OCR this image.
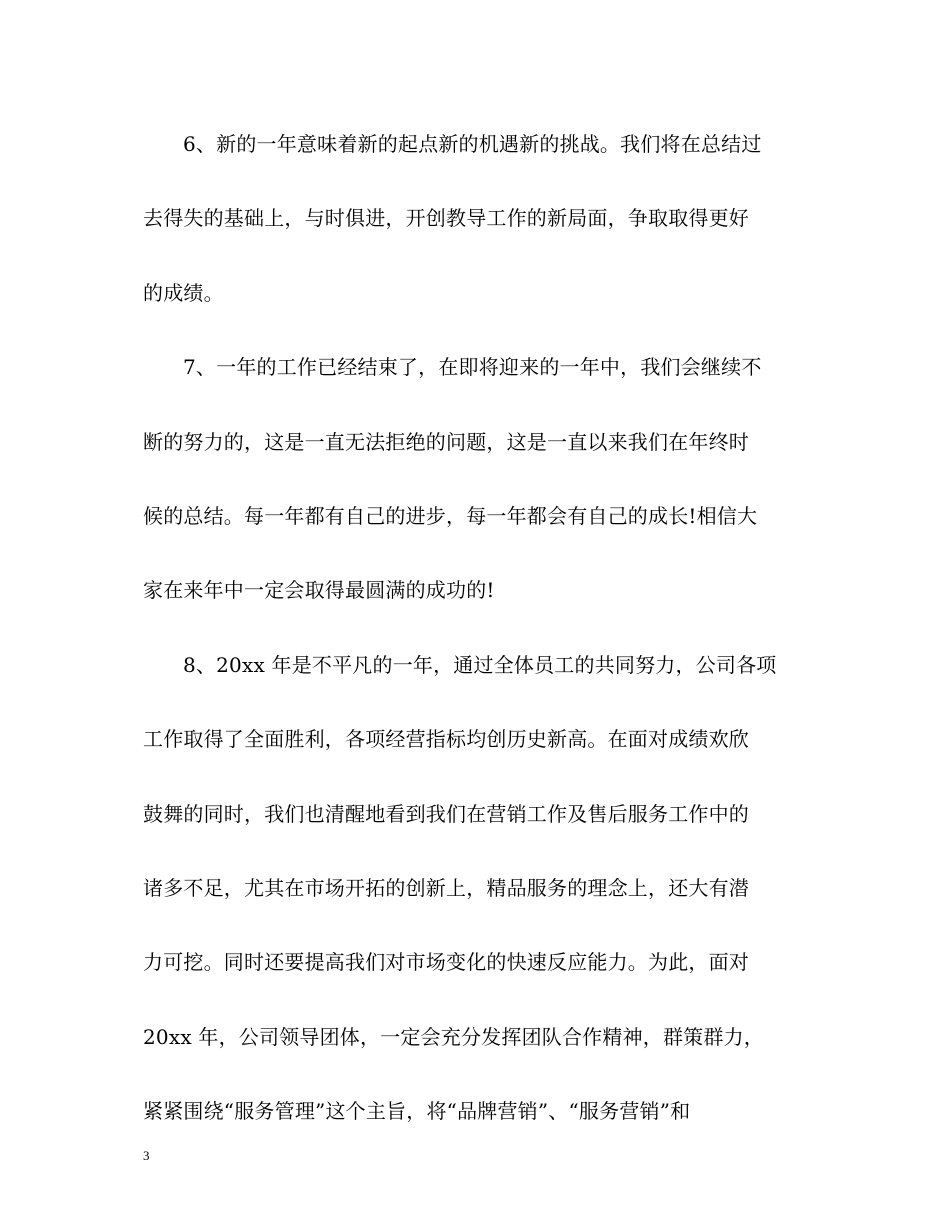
6、新的一年意味着新的起点新的机遇新的挑战。我们将在总结过
去得失的基础上，与时俱进，开创教导工作的新局面，争取取得更好
的成绩。
7、一年的工作已经结束了，在即将迎来的一年中，我们会继续不
断的努力的，这是一直无法拒绝的问题，这是一直以来我们在年终时
候的总结。每一年都有自己的进步，每一年都会有自己的成长!相信大
家在来年中一定会取得最圆满的成功的!
8、20xx 年是不平凡的一年，通过全体员工的共同努力，公司各项
工作取得了全面胜利，各项经营指标均创历史新高。在面对成绩欢欣
鼓舞的同时，我们也清醒地看到我们在营销工作及售后服务工作中的
诸多不足，尤其在市场开拓的创新上，精品服务的理念上，还大有潜
力可挖。同时还要提高我们对市场变化的快速反应能力。为此，面对
20xx 年，公司领导团体，一定会充分发挥团队合作精神，群策群力，
紧紧围绕“服务管理”这个主旨，将“品牌营销”、“服务营销”和
3
